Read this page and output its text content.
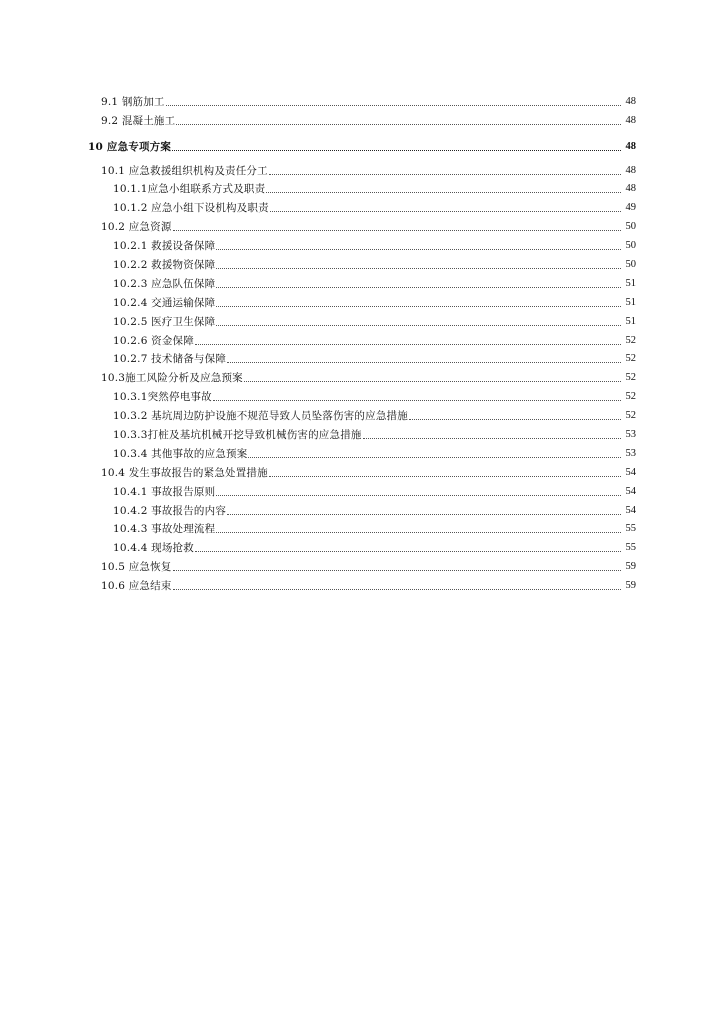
9.1 钢筋加工	48
9.2 混凝土施工	48
10 应急专项方案	48
10.1 应急救援组织机构及责任分工	48
10.1.1应急小组联系方式及职责	48
10.1.2 应急小组下设机构及职责	49
10.2 应急资源	50
10.2.1 救援设备保障	50
10.2.2 救援物资保障	50
10.2.3 应急队伍保障	51
10.2.4 交通运输保障	51
10.2.5 医疗卫生保障	51
10.2.6 资金保障	52
10.2.7 技术储备与保障	52
10.3施工风险分析及应急预案	52
10.3.1突然停电事故	52
10.3.2 基坑周边防护设施不规范导致人员坠落伤害的应急措施	52
10.3.3打桩及基坑机械开挖导致机械伤害的应急措施	53
10.3.4 其他事故的应急预案	53
10.4 发生事故报告的紧急处置措施	54
10.4.1 事故报告原则	54
10.4.2 事故报告的内容	54
10.4.3 事故处理流程	55
10.4.4 现场抢救	55
10.5 应急恢复	59
10.6 应急结束	59
